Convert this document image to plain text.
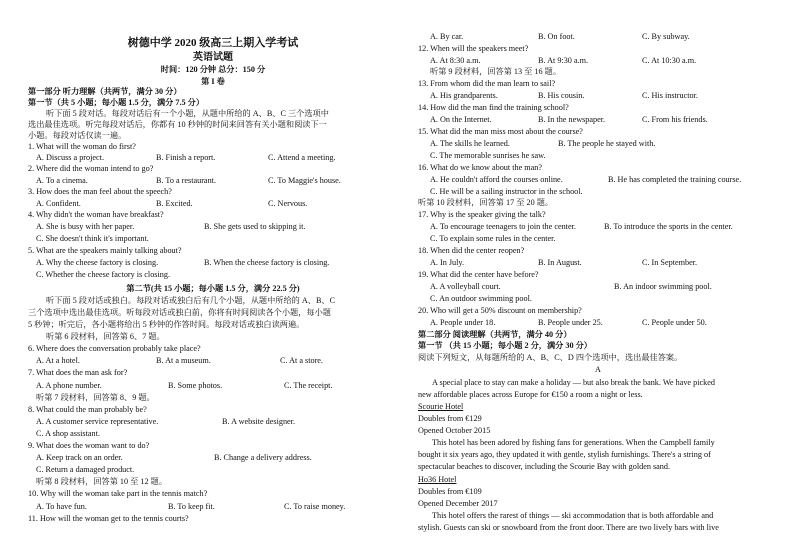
树德中学 2020 级高三上期入学考试
英语试题
时间：120 分钟 总分：150 分
第 I 卷
第一部分 听力理解（共两节，满分 30 分）
第一节（共 5 小题；每小题 1.5 分，满分 7.5 分）
听下面 5 段对话。每段对话后有一个小题，从题中所给的 A、B、C 三个选项中
选出最佳选项。听完每段对话后，你都有 10 秒钟的时间来回答有关小题和阅读下一
小题。每段对话仅读一遍。
1. What will the woman do first?
A. Discuss a project.	B. Finish a report.	C. Attend a meeting.
2. Where did the woman intend to go?
A. To a cinema.	B. To a restaurant.	C. To Maggie's house.
3. How does the man feel about the speech?
A. Confident.	B. Excited.	C. Nervous.
4. Why didn't the woman have breakfast?
A. She is busy with her paper.	B. She gets used to skipping it.
C. She doesn't think it's important.
5. What are the speakers mainly talking about?
A. Why the cheese factory is closing.	B. When the cheese factory is closing.
C. Whether the cheese factory is closing.
第二节(共 15 小题；每小题 1.5 分，满分 22.5 分)
听下面 5 段对话或独白。每段对话或独白后有几个小题，从题中所给的 A、B、C
三个选项中选出最佳选项。听每段对话或独白前，你将有时间阅读各个小题，每小题
5 秒钟；听完后，各小题将给出 5 秒钟的作答时间。每段对话或独白读两遍。
听第 6 段材料，回答第 6、7 题。
6. Where does the conversation probably take place?
A. At a hotel.	B. At a museum.	C. At a store.
7. What does the man ask for?
A. A phone number.	B. Some photos.	C. The receipt.
听第 7 段材料，回答第 8、9 题。
8. What could the man probably be?
A. A customer service representative.	B. A website designer.
C. A shop assistant.
9. What does the woman want to do?
A. Keep track on an order.	B. Change a delivery address.
C. Return a damaged product.
听第 8 段材料，回答第 10 至 12 题。
10. Why will the woman take part in the tennis match?
A. To have fun.	B. To keep fit.	C. To raise money.
11. How will the woman get to the tennis courts?
A. By car.	B. On foot.	C. By subway.
12. When will the speakers meet?
A. At 8:30 a.m.	B. At 9:30 a.m.	C. At 10:30 a.m.
听第 9 段材料，回答第 13 至 16 题。
13. From whom did the man learn to sail?
A. His grandparents.	B. His cousin.	C. His instructor.
14. How did the man find the training school?
A. On the Internet.	B. In the newspaper.	C. From his friends.
15. What did the man miss most about the course?
A. The skills he learned.	B. The people he stayed with.
C. The memorable sunrises he saw.
16. What do we know about the man?
A. He couldn't afford the courses online.	B. He has completed the training course.
C. He will be a sailing instructor in the school.
听第 10 段材料，回答第 17 至 20 题。
17. Why is the speaker giving the talk?
A. To encourage teenagers to join the center.	B. To introduce the sports in the center.
C. To explain some rules in the center.
18. When did the center reopen?
A. In July.	B. In August.	C. In September.
19. What did the center have before?
A. A volleyball court.	B. An indoor swimming pool.
C. An outdoor swimming pool.
20. Who will get a 50% discount on membership?
A. People under 18.	B. People under 25.	C. People under 50.
第二部分 阅读理解（共两节，满分 40 分）
第一节 （共 15 小题；每小题 2 分，满分 30 分）
阅读下列短文，从每题所给的 A、B、C、D 四个选项中，选出最佳答案。
A
A special place to stay can make a holiday — but also break the bank. We have picked
new affordable places across Europe for €150 a room a night or less.
Scourie Hotel
Doubles from €129
Opened October 2015
This hotel has been adored by fishing fans for generations. When the Campbell family
bought it six years ago, they updated it with gentle, stylish furnishings. There's a string of
spectacular beaches to discover, including the Scourie Bay with golden sand.
Ho36 Hotel
Doubles from €109
Opened December 2017
This hotel offers the rarest of things — ski accommodation that is both affordable and
stylish. Guests can ski or snowboard from the front door. There are two lively bars with live
